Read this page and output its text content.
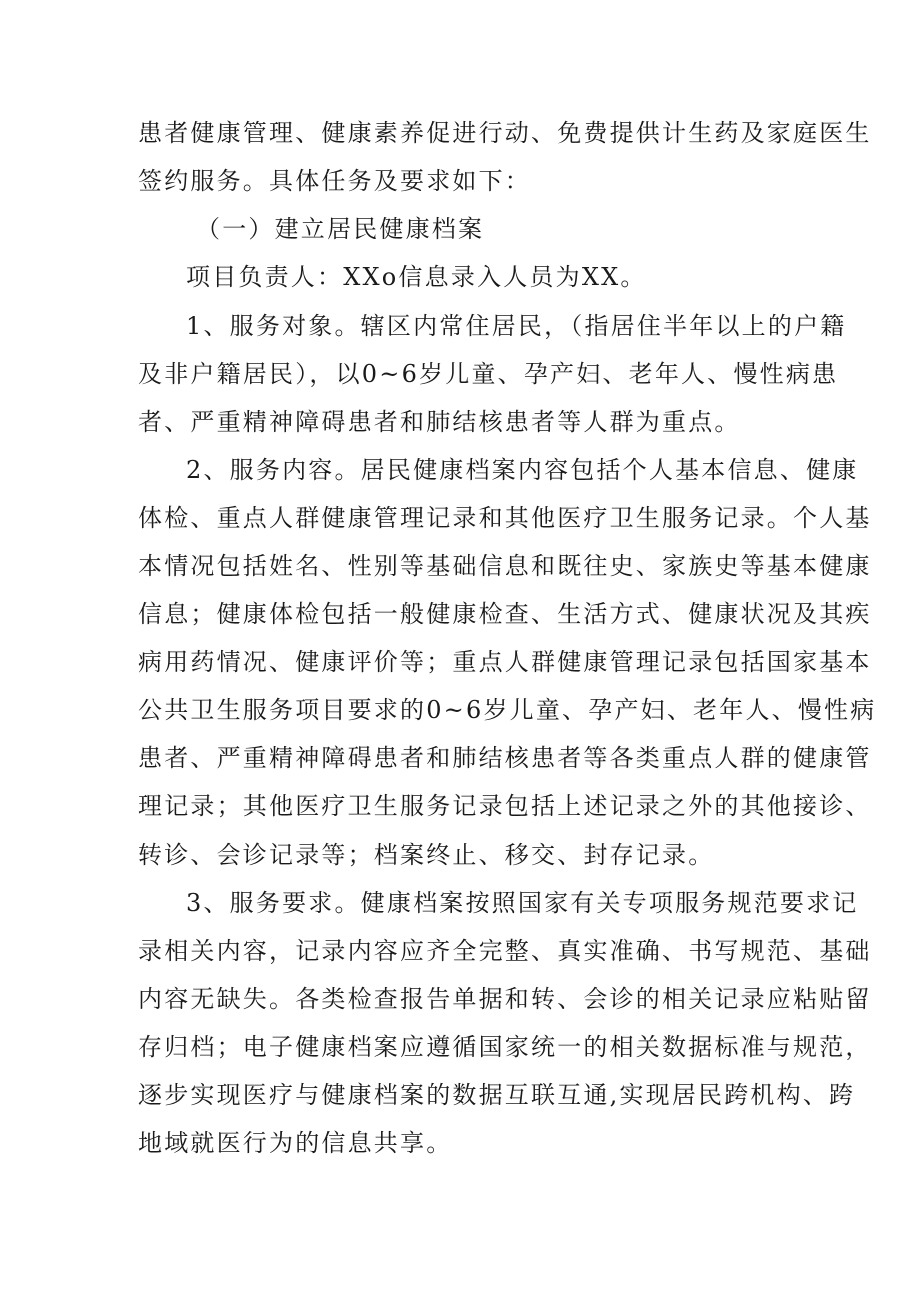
患者健康管理、健康素养促进行动、免费提供计生药及家庭医生
签约服务。具体任务及要求如下：
（一）建立居民健康档案
项目负责人：XXo信息录入人员为XX。
1、服务对象。辖区内常住居民，（指居住半年以上的户籍
及非户籍居民），以0~6岁儿童、孕产妇、老年人、慢性病患
者、严重精神障碍患者和肺结核患者等人群为重点。
2、服务内容。居民健康档案内容包括个人基本信息、健康
体检、重点人群健康管理记录和其他医疗卫生服务记录。个人基
本情况包括姓名、性别等基础信息和既往史、家族史等基本健康
信息；健康体检包括一般健康检查、生活方式、健康状况及其疾
病用药情况、健康评价等；重点人群健康管理记录包括国家基本
公共卫生服务项目要求的0~6岁儿童、孕产妇、老年人、慢性病
患者、严重精神障碍患者和肺结核患者等各类重点人群的健康管
理记录；其他医疗卫生服务记录包括上述记录之外的其他接诊、
转诊、会诊记录等；档案终止、移交、封存记录。
3、服务要求。健康档案按照国家有关专项服务规范要求记
录相关内容，记录内容应齐全完整、真实准确、书写规范、基础
内容无缺失。各类检查报告单据和转、会诊的相关记录应粘贴留
存归档；电子健康档案应遵循国家统一的相关数据标准与规范，
逐步实现医疗与健康档案的数据互联互通,实现居民跨机构、跨
地域就医行为的信息共享。
